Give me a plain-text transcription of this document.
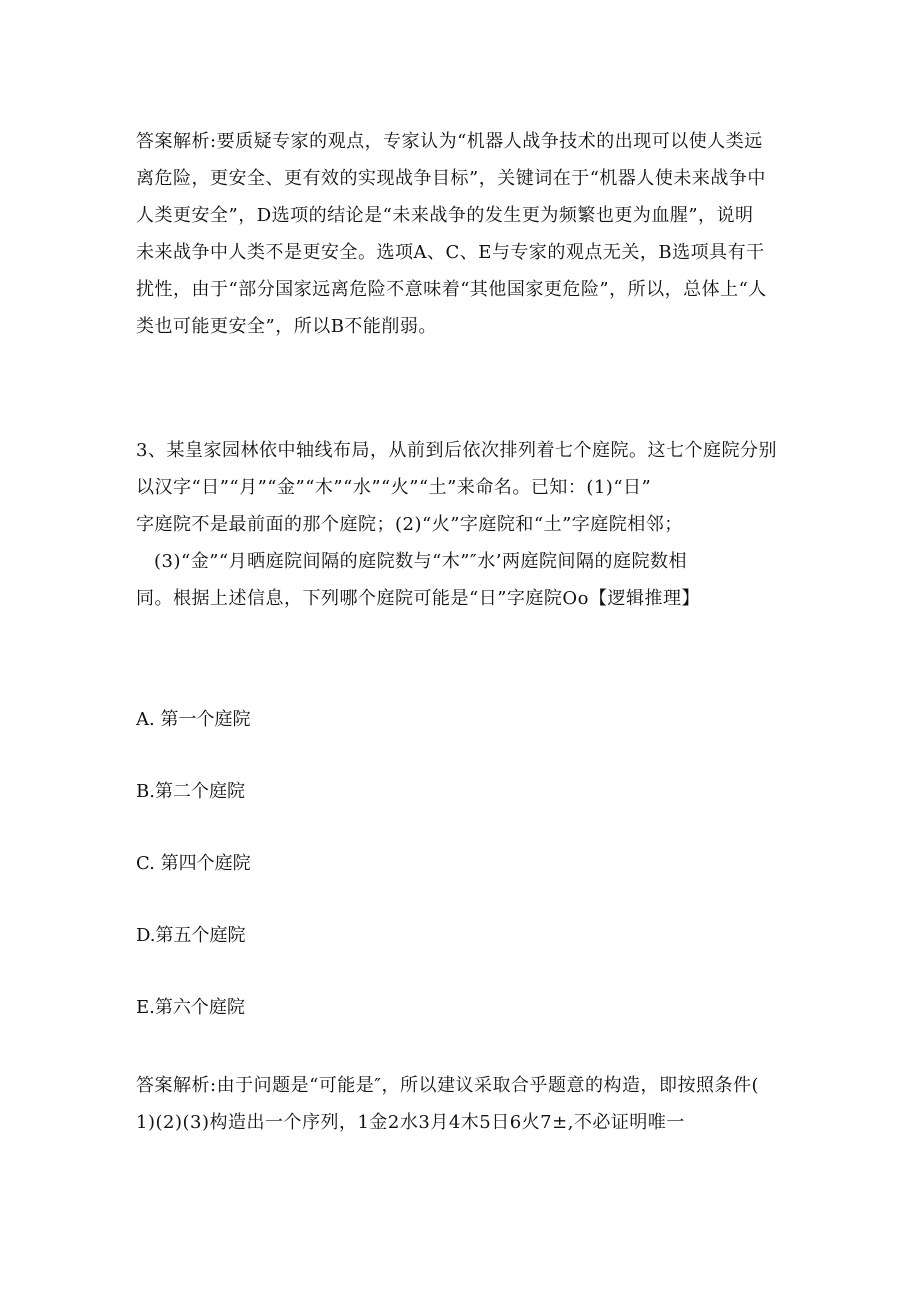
答案解析:要质疑专家的观点，专家认为“机器人战争技术的出现可以使人类远
离危险，更安全、更有效的实现战争目标”，关键词在于“机器人使未来战争中
人类更安全”，D选项的结论是“未来战争的发生更为频繁也更为血腥”，说明
未来战争中人类不是更安全。选项A、C、E与专家的观点无关，B选项具有干
扰性，由于“部分国家远离危险不意味着“其他国家更危险”，所以，总体上“人
类也可能更安全”，所以B不能削弱。
3、某皇家园林依中轴线布局，从前到后依次排列着七个庭院。这七个庭院分别
以汉字“日”“月”“金”“木”“水”“火”“土”来命名。已知：(1)“日”
字庭院不是最前面的那个庭院；(2)“火”字庭院和“土”字庭院相邻；
(3)“金”“月晒庭院间隔的庭院数与“木”″水’两庭院间隔的庭院数相
同。根据上述信息，下列哪个庭院可能是“日”字庭院Oo【逻辑推理】
A. 第一个庭院
B.第二个庭院
C. 第四个庭院
D.第五个庭院
E.第六个庭院
答案解析:由于问题是“可能是″，所以建议采取合乎题意的构造，即按照条件(
1)(2)(3)构造出一个序列，1金2水3月4木5日6火7±,不必证明唯一
